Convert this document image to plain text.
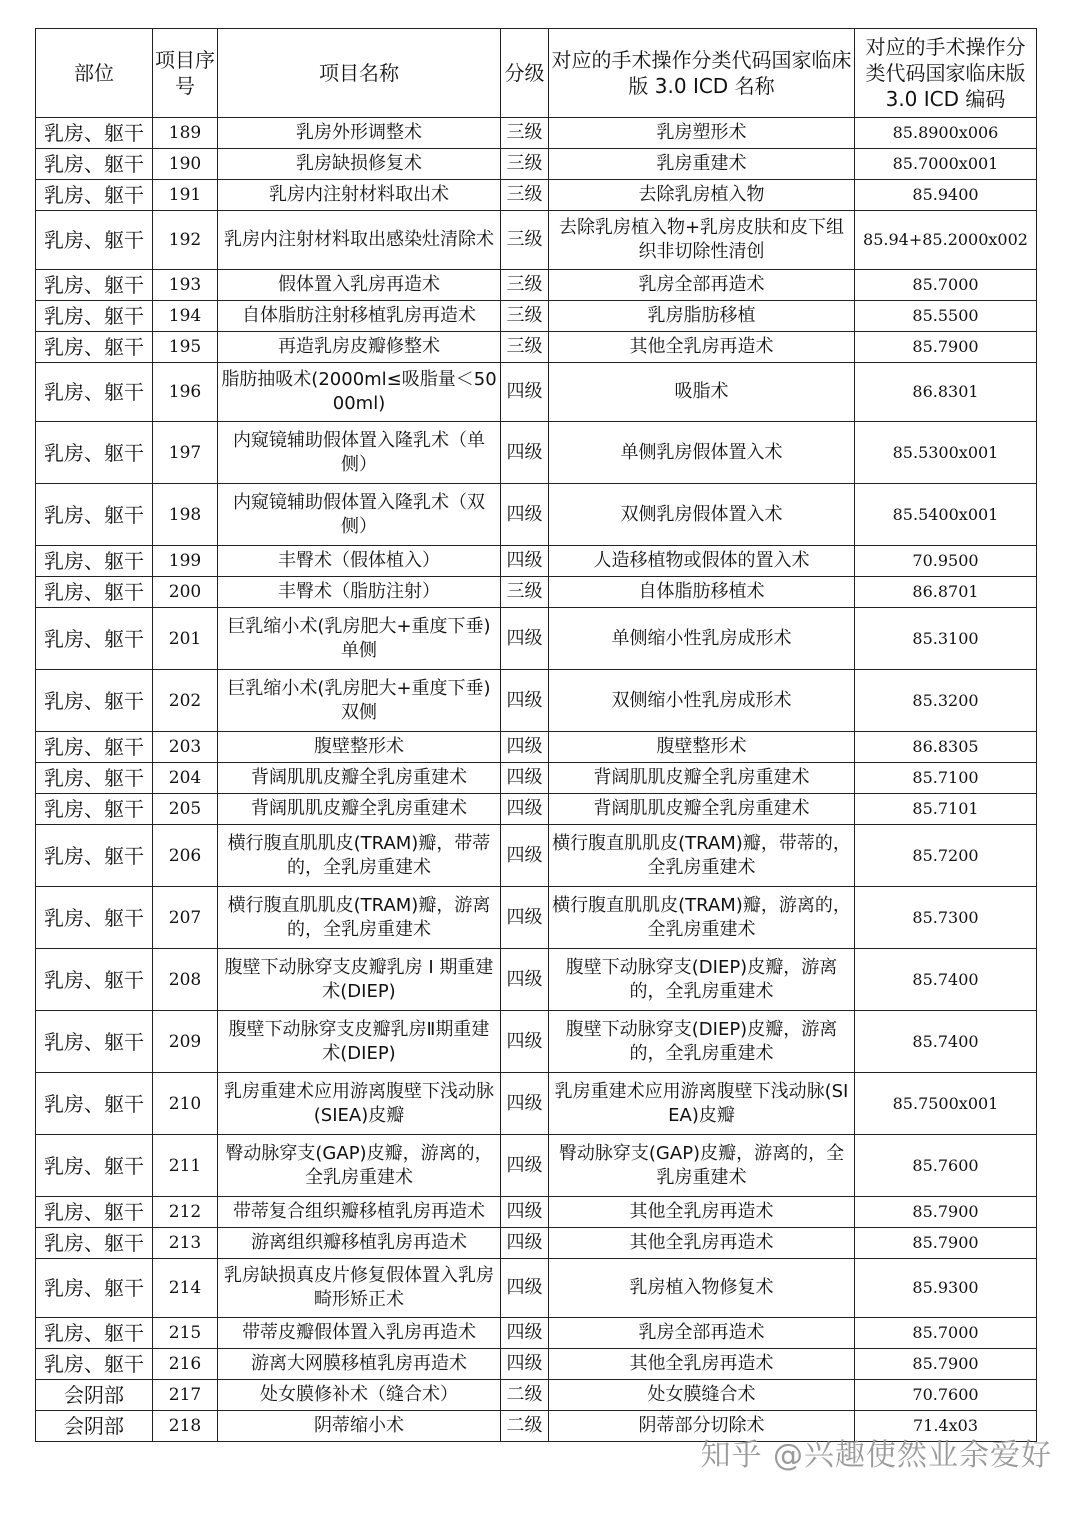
部位	项目序号	项目名称	分级	对应的手术操作分类代码国家临床版 3.0 ICD 名称	对应的手术操作分类代码国家临床版 3.0 ICD 编码
乳房、躯干	189	乳房外形调整术	三级	乳房塑形术	85.8900x006
乳房、躯干	190	乳房缺损修复术	三级	乳房重建术	85.7000x001
乳房、躯干	191	乳房内注射材料取出术	三级	去除乳房植入物	85.9400
乳房、躯干	192	乳房内注射材料取出感染灶清除术	三级	去除乳房植入物+乳房皮肤和皮下组织非切除性清创	85.94+85.2000x002
乳房、躯干	193	假体置入乳房再造术	三级	乳房全部再造术	85.7000
乳房、躯干	194	自体脂肪注射移植乳房再造术	三级	乳房脂肪移植	85.5500
乳房、躯干	195	再造乳房皮瓣修整术	三级	其他全乳房再造术	85.7900
乳房、躯干	196	脂肪抽吸术(2000ml≤吸脂量＜5000ml)	四级	吸脂术	86.8301
乳房、躯干	197	内窥镜辅助假体置入隆乳术（单侧）	四级	单侧乳房假体置入术	85.5300x001
乳房、躯干	198	内窥镜辅助假体置入隆乳术（双侧）	四级	双侧乳房假体置入术	85.5400x001
乳房、躯干	199	丰臀术（假体植入）	四级	人造移植物或假体的置入术	70.9500
乳房、躯干	200	丰臀术（脂肪注射）	三级	自体脂肪移植术	86.8701
乳房、躯干	201	巨乳缩小术(乳房肥大+重度下垂)单侧	四级	单侧缩小性乳房成形术	85.3100
乳房、躯干	202	巨乳缩小术(乳房肥大+重度下垂)双侧	四级	双侧缩小性乳房成形术	85.3200
乳房、躯干	203	腹壁整形术	四级	腹壁整形术	86.8305
乳房、躯干	204	背阔肌肌皮瓣全乳房重建术	四级	背阔肌肌皮瓣全乳房重建术	85.7100
乳房、躯干	205	背阔肌肌皮瓣全乳房重建术	四级	背阔肌肌皮瓣全乳房重建术	85.7101
乳房、躯干	206	横行腹直肌肌皮(TRAM)瓣，带蒂的，全乳房重建术	四级	横行腹直肌肌皮(TRAM)瓣，带蒂的，全乳房重建术	85.7200
乳房、躯干	207	横行腹直肌肌皮(TRAM)瓣，游离的，全乳房重建术	四级	横行腹直肌肌皮(TRAM)瓣，游离的，全乳房重建术	85.7300
乳房、躯干	208	腹壁下动脉穿支皮瓣乳房 I 期重建术(DIEP)	四级	腹壁下动脉穿支(DIEP)皮瓣，游离的，全乳房重建术	85.7400
乳房、躯干	209	腹壁下动脉穿支皮瓣乳房Ⅱ期重建术(DIEP)	四级	腹壁下动脉穿支(DIEP)皮瓣，游离的，全乳房重建术	85.7400
乳房、躯干	210	乳房重建术应用游离腹壁下浅动脉(SIEA)皮瓣	四级	乳房重建术应用游离腹壁下浅动脉(SIEA)皮瓣	85.7500x001
乳房、躯干	211	臀动脉穿支(GAP)皮瓣，游离的，全乳房重建术	四级	臀动脉穿支(GAP)皮瓣，游离的，全乳房重建术	85.7600
乳房、躯干	212	带蒂复合组织瓣移植乳房再造术	四级	其他全乳房再造术	85.7900
乳房、躯干	213	游离组织瓣移植乳房再造术	四级	其他全乳房再造术	85.7900
乳房、躯干	214	乳房缺损真皮片修复假体置入乳房畸形矫正术	四级	乳房植入物修复术	85.9300
乳房、躯干	215	带蒂皮瓣假体置入乳房再造术	四级	乳房全部再造术	85.7000
乳房、躯干	216	游离大网膜移植乳房再造术	四级	其他全乳房再造术	85.7900
会阴部	217	处女膜修补术（缝合术）	二级	处女膜缝合术	70.7600
会阴部	218	阴蒂缩小术	二级	阴蒂部分切除术	71.4x03
知乎 @兴趣使然业余爱好
